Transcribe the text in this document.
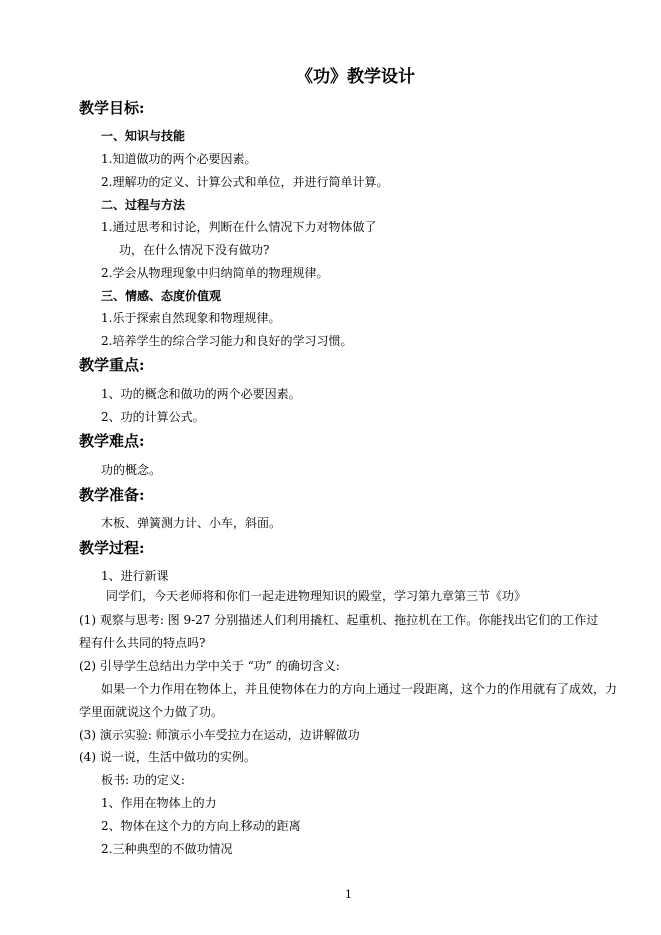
《功》教学设计
教学目标:
一、知识与技能
1.知道做功的两个必要因素。
2.理解功的定义、计算公式和单位，并进行简单计算。
二、过程与方法
1.通过思考和讨论，判断在什么情况下力对物体做了
功，在什么情况下没有做功?
2.学会从物理现象中归纳简单的物理规律。
三、情感、态度价值观
1.乐于探索自然现象和物理规律。
2.培养学生的综合学习能力和良好的学习习惯。
教学重点:
1、功的概念和做功的两个必要因素。
2、功的计算公式。
教学难点:
功的概念。
教学准备:
木板、弹簧测力计、小车，斜面。
教学过程:
1、进行新课
同学们，今天老师将和你们一起走进物理知识的殿堂，学习第九章第三节《功》
(1) 观察与思考: 图 9-27 分别描述人们利用撬杠、起重机、拖拉机在工作。你能找出它们的工作过
程有什么共同的特点吗?
(2) 引导学生总结出力学中关于 “功” 的确切含义:
如果一个力作用在物体上，并且使物体在力的方向上通过一段距离，这个力的作用就有了成效，力
学里面就说这个力做了功。
(3) 演示实验: 师演示小车受拉力在运动，边讲解做功
(4) 说一说，生活中做功的实例。
板书: 功的定义:
1、作用在物体上的力
2、物体在这个力的方向上移动的距离
2.三种典型的不做功情况
1
